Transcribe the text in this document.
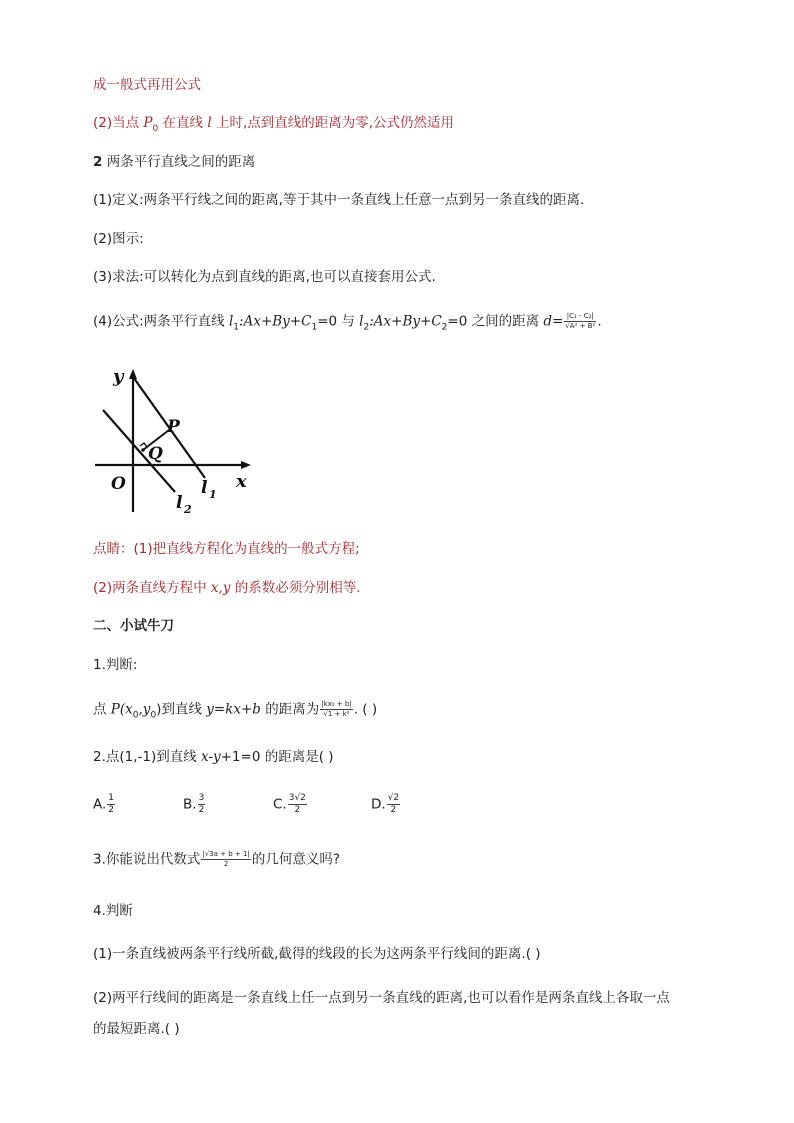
成一般式再用公式
(2)当点 $P_0$ 在直线 l 上时,点到直线的距离为零,公式仍然适用
2 两条平行直线之间的距离
(1)定义:两条平行线之间的距离,等于其中一条直线上任意一点到另一条直线的距离.
(2)图示:
(3)求法:可以转化为点到直线的距离,也可以直接套用公式.
(4)公式:两条平行直线 $l_1:Ax+By+C_1=0$ 与 $l_2:Ax+By+C_2=0$ 之间的距离 $d= \frac{\text{|C₁ - C₂|}}{\text{√A² + B²}}$ .
y
x
O
P
Q
l 1
l 2
点睛：(1)把直线方程化为直线的一般式方程;
(2)两条直线方程中 x,y 的系数必须分别相等.
二、小试牛刀
1.判断:
点 $P(x_0,y_0)$到直线 y=kx+b 的距离为 $\frac{\text{|kx₀ + b|}}{\text{√1 + k²}}$ . ( )
2.点(1,-1)到直线 x-y+1=0 的距离是( )
A. $\frac{1}{2}$	B. $\frac{3}{2}$	C. $\frac{3√2}{2}$	D. $\frac{√2}{2}$
3.你能说出代数式 $\frac{|√3a + b + 1|}{2}$ 的几何意义吗?
4.判断
(1)一条直线被两条平行线所截,截得的线段的长为这两条平行线间的距离.( )
(2)两平行线间的距离是一条直线上任一点到另一条直线的距离,也可以看作是两条直线上各取一点
的最短距离.( )
